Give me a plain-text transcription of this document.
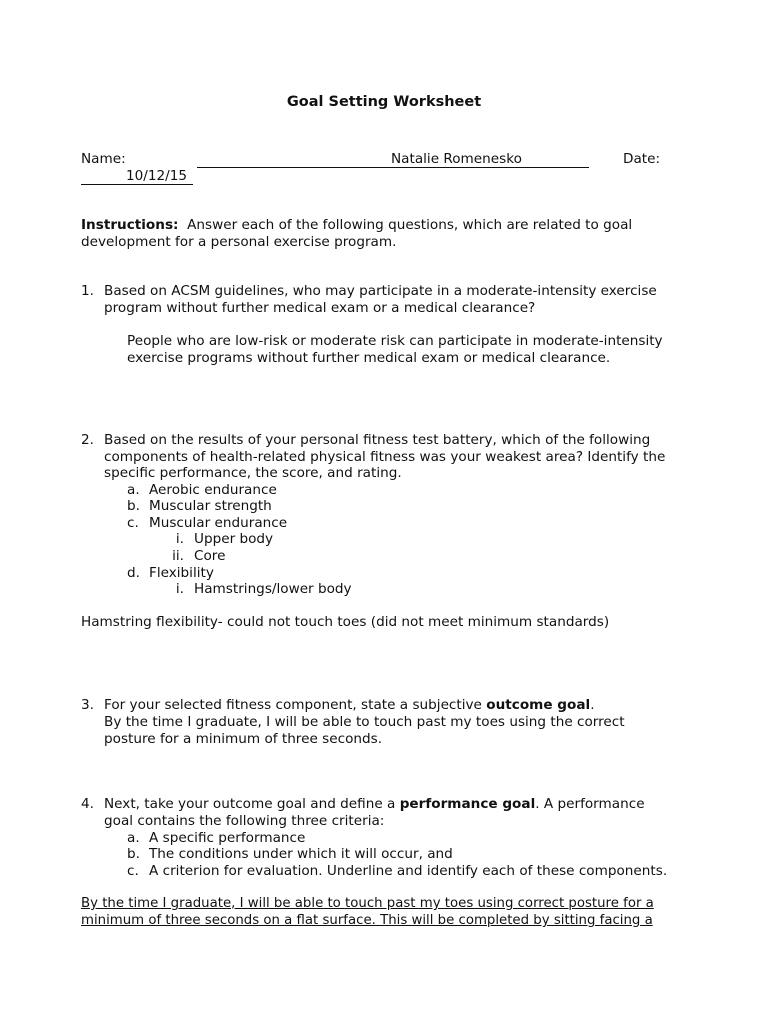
Goal Setting Worksheet
Name:	Natalie Romenesko	Date:
10/12/15
Instructions: Answer each of the following questions, which are related to goal
development for a personal exercise program.
1. Based on ACSM guidelines, who may participate in a moderate-intensity exercise
program without further medical exam or a medical clearance?
People who are low-risk or moderate risk can participate in moderate-intensity
exercise programs without further medical exam or medical clearance.
2. Based on the results of your personal fitness test battery, which of the following
components of health-related physical fitness was your weakest area? Identify the
specific performance, the score, and rating.
a. Aerobic endurance
b. Muscular strength
c. Muscular endurance
i. Upper body
ii. Core
d. Flexibility
i. Hamstrings/lower body
Hamstring flexibility- could not touch toes (did not meet minimum standards)
3. For your selected fitness component, state a subjective outcome goal.
By the time I graduate, I will be able to touch past my toes using the correct
posture for a minimum of three seconds.
4. Next, take your outcome goal and define a performance goal. A performance
goal contains the following three criteria:
a. A specific performance
b. The conditions under which it will occur, and
c. A criterion for evaluation. Underline and identify each of these components.
By the time I graduate, I will be able to touch past my toes using correct posture for a
minimum of three seconds on a flat surface. This will be completed by sitting facing a
